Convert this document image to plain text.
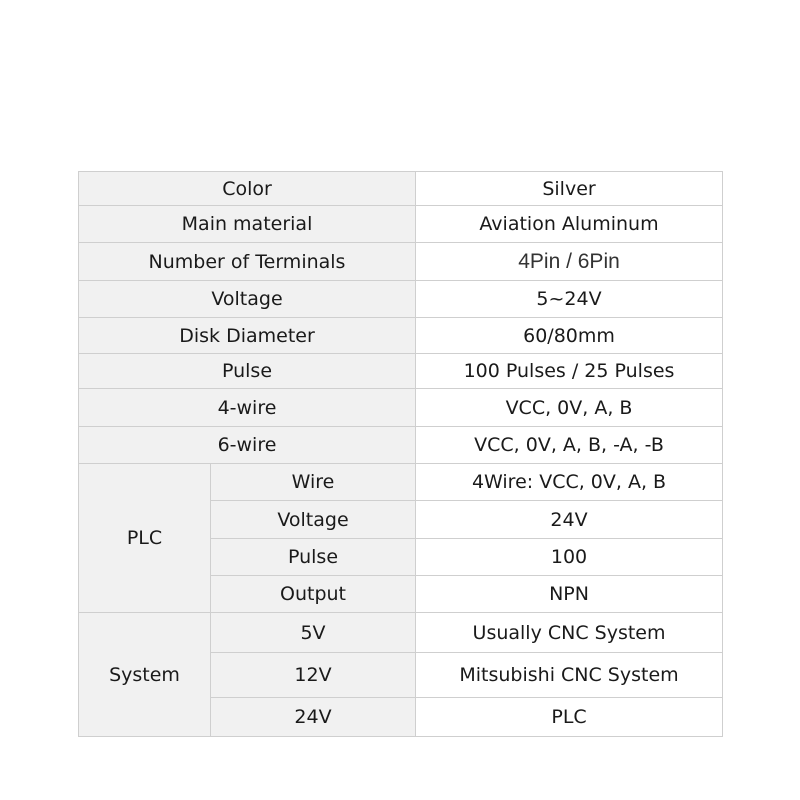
Color		Silver
Main material		Aviation Aluminum
Number of Terminals		4Pin / 6Pin
Voltage		5~24V
Disk Diameter		60/80mm
Pulse		100 Pulses / 25 Pulses
4-wire		VCC, 0V, A, B
6-wire		VCC, 0V, A, B, -A, -B
PLC	Wire	4Wire: VCC, 0V, A, B
	Voltage	24V
	Pulse	100
	Output	NPN
System	5V	Usually CNC System
	12V	Mitsubishi CNC System
	24V	PLC
